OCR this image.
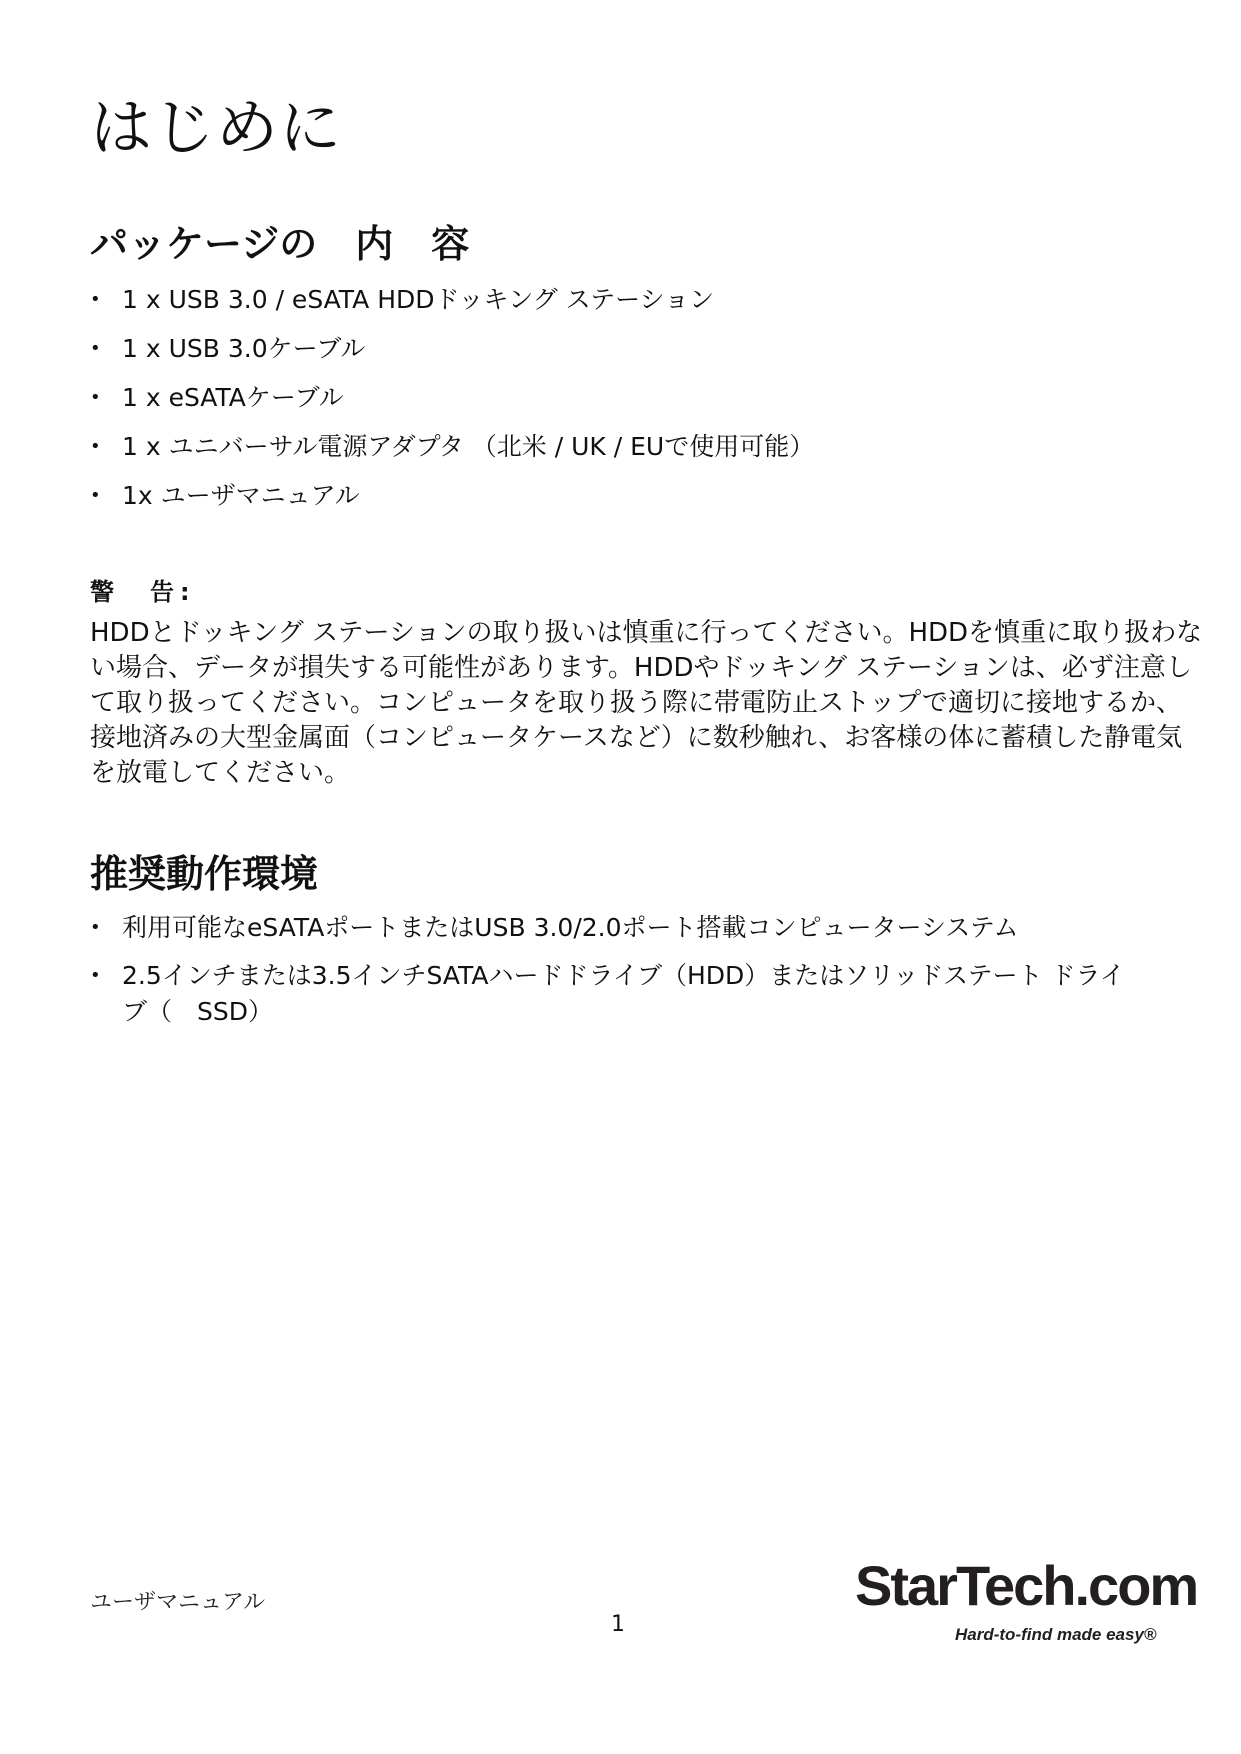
はじめに
パッケージの　内　容
• 1 x USB 3.0 / eSATA HDDドッキング ステーション
• 1 x USB 3.0ケーブル
• 1 x eSATAケーブル
• 1 x ユニバーサル電源アダプタ （北米 / UK / EUで使用可能）
• 1x ユーザマニュアル
警　告:

HDDとドッキング ステーションの取り扱いは慎重に行ってください。HDDを慎重に取り扱わない場合、データが損失する可能性があります。HDDやドッキング ステーションは、必ず注意して取り扱ってください。コンピュータを取り扱う際に帯電防止ストップで適切に接地するか、接地済みの大型金属面（コンピュータケースなど）に数秒触れ、お客様の体に蓄積した静電気を放電してください。

推奨動作環境
• 利用可能なeSATAポートまたはUSB 3.0/2.0ポート搭載コンピューターシステム
• 2.5インチまたは3.5インチSATAハードドライブ（HDD）またはソリッドステート ドライ　ブ（　SSD）
ユーザマニュアル
1
StarTech.com
Hard-to-find made easy®
